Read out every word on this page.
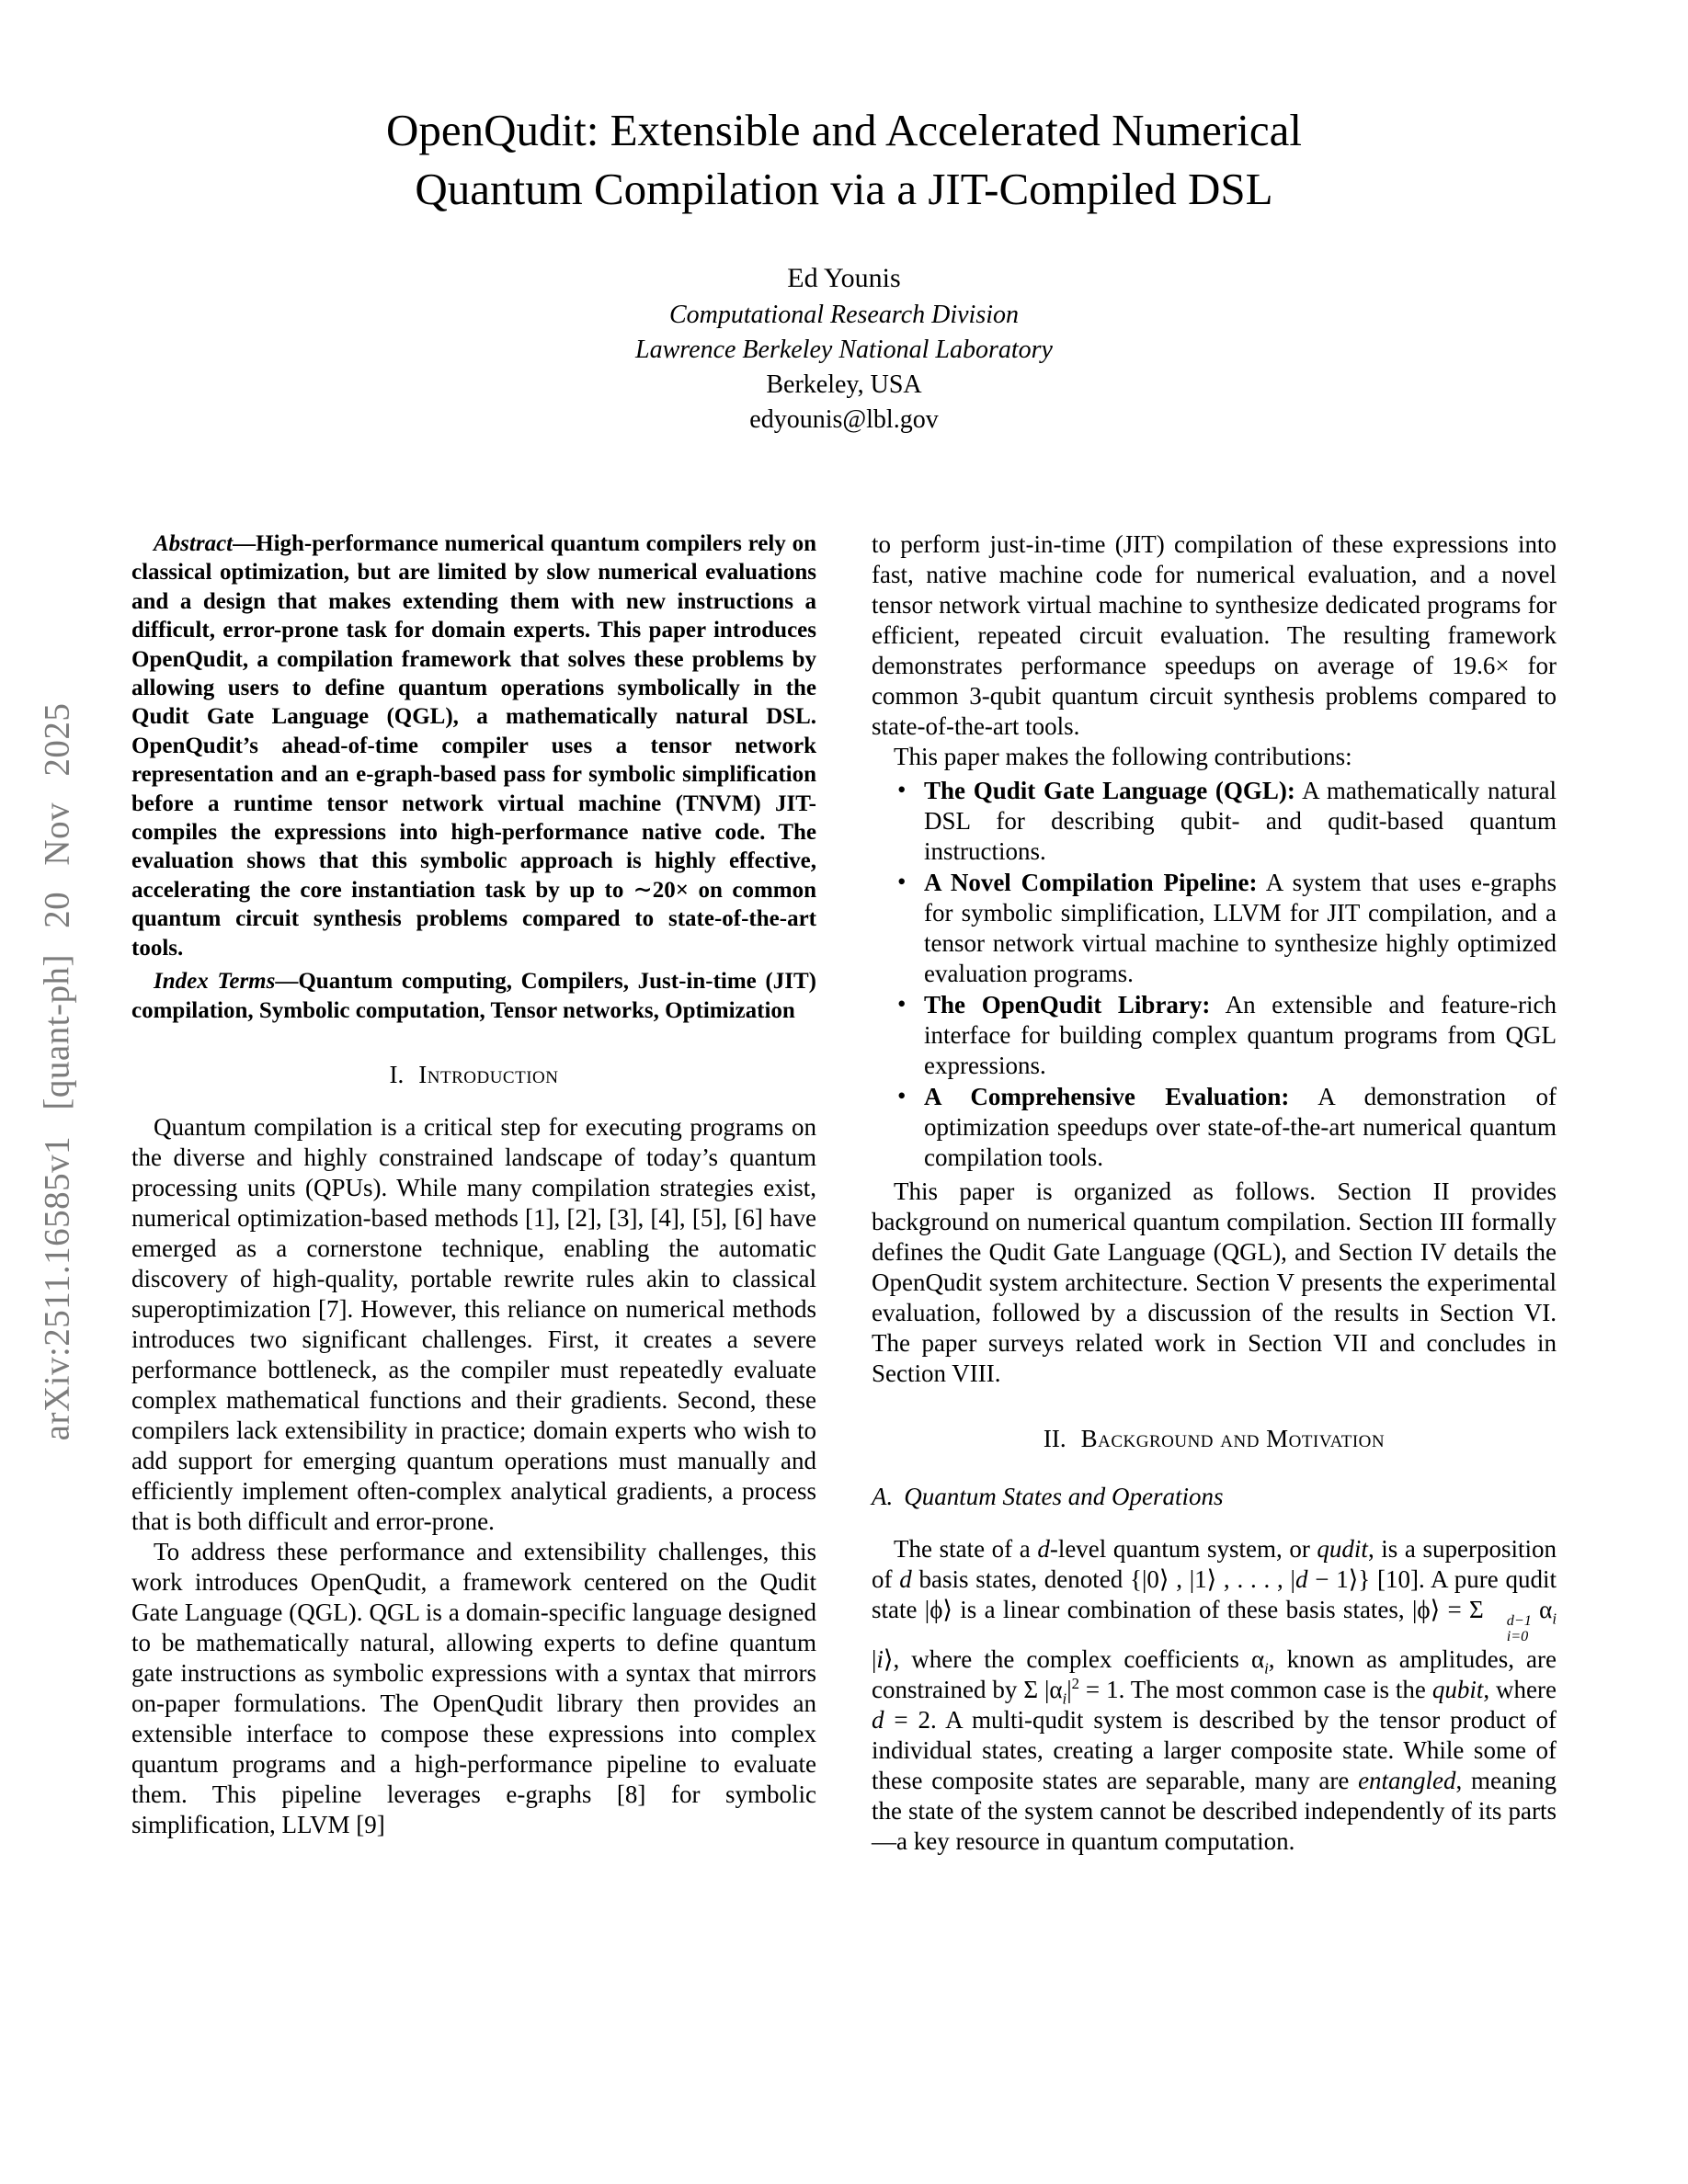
arXiv:2511.16585v1 [quant-ph] 20 Nov 2025
OpenQudit: Extensible and Accelerated Numerical
Quantum Compilation via a JIT-Compiled DSL
Ed Younis
Computational Research Division
Lawrence Berkeley National Laboratory
Berkeley, USA
edyounis@lbl.gov

Abstract—High-performance numerical quantum compilers rely on classical optimization, but are limited by slow numerical evaluations and a design that makes extending them with new instructions a difficult, error-prone task for domain experts. This paper introduces OpenQudit, a compilation framework that solves these problems by allowing users to define quantum operations symbolically in the Qudit Gate Language (QGL), a mathematically natural DSL. OpenQudit’s ahead-of-time compiler uses a tensor network representation and an e-graph-based pass for symbolic simplification before a runtime tensor network virtual machine (TNVM) JIT-compiles the expressions into high-performance native code. The evaluation shows that this symbolic approach is highly effective, accelerating the core instantiation task by up to ∼20× on common quantum circuit synthesis problems compared to state-of-the-art tools.

Index Terms—Quantum computing, Compilers, Just-in-time (JIT) compilation, Symbolic computation, Tensor networks, Optimization

I. Introduction

Quantum compilation is a critical step for executing programs on the diverse and highly constrained landscape of today’s quantum processing units (QPUs). While many compilation strategies exist, numerical optimization-based methods [1], [2], [3], [4], [5], [6] have emerged as a cornerstone technique, enabling the automatic discovery of high-quality, portable rewrite rules akin to classical superoptimization [7]. However, this reliance on numerical methods introduces two significant challenges. First, it creates a severe performance bottleneck, as the compiler must repeatedly evaluate complex mathematical functions and their gradients. Second, these compilers lack extensibility in practice; domain experts who wish to add support for emerging quantum operations must manually and efficiently implement often-complex analytical gradients, a process that is both difficult and error-prone.

To address these performance and extensibility challenges, this work introduces OpenQudit, a framework centered on the Qudit Gate Language (QGL). QGL is a domain-specific language designed to be mathematically natural, allowing experts to define quantum gate instructions as symbolic expressions with a syntax that mirrors on-paper formulations. The OpenQudit library then provides an extensible interface to compose these expressions into complex quantum programs and a high-performance pipeline to evaluate them. This pipeline leverages e-graphs [8] for symbolic simplification, LLVM [9]

to perform just-in-time (JIT) compilation of these expressions into fast, native machine code for numerical evaluation, and a novel tensor network virtual machine to synthesize dedicated programs for efficient, repeated circuit evaluation. The resulting framework demonstrates performance speedups on average of 19.6× for common 3-qubit quantum circuit synthesis problems compared to state-of-the-art tools.

This paper makes the following contributions:

• The Qudit Gate Language (QGL): A mathematically natural DSL for describing qubit- and qudit-based quantum instructions.
• A Novel Compilation Pipeline: A system that uses e-graphs for symbolic simplification, LLVM for JIT compilation, and a tensor network virtual machine to synthesize highly optimized evaluation programs.
• The OpenQudit Library: An extensible and feature-rich interface for building complex quantum programs from QGL expressions.
• A Comprehensive Evaluation: A demonstration of optimization speedups over state-of-the-art numerical quantum compilation tools.

This paper is organized as follows. Section II provides background on numerical quantum compilation. Section III formally defines the Qudit Gate Language (QGL), and Section IV details the OpenQudit system architecture. Section V presents the experimental evaluation, followed by a discussion of the results in Section VI. The paper surveys related work in Section VII and concludes in Section VIII.

II. Background and Motivation
A. Quantum States and Operations

The state of a d-level quantum system, or qudit, is a superposition of d basis states, denoted {|0⟩ , |1⟩ , . . . , |d − 1⟩} [10]. A pure qudit state |ϕ⟩ is a linear combination of these basis states, |ϕ⟩ = Σ	d−1
i=0
$\alpha_i$ |i⟩, where the complex coefficients $\alpha_i$, known as amplitudes, are constrained by Σ $|\alpha_i|^2 = 1$. The most common case is the qubit, where d = 2. A multi-qudit system is described by the tensor product of individual states, creating a larger composite state. While some of these composite states are separable, many are entangled, meaning the state of the system cannot be described independently of its parts—a key resource in quantum computation.
